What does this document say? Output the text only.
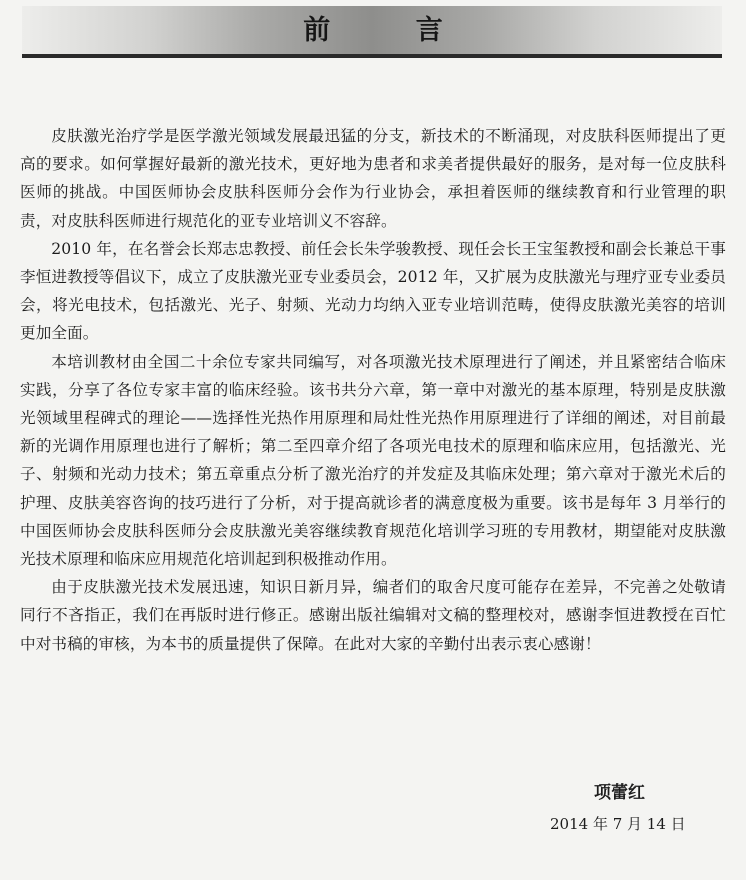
前 言

皮肤激光治疗学是医学激光领域发展最迅猛的分支，新技术的不断涌现，对皮肤科医师提出了更高的要求。如何掌握好最新的激光技术，更好地为患者和求美者提供最好的服务，是对每一位皮肤科医师的挑战。中国医师协会皮肤科医师分会作为行业协会，承担着医师的继续教育和行业管理的职责，对皮肤科医师进行规范化的亚专业培训义不容辞。

2010 年，在名誉会长郑志忠教授、前任会长朱学骏教授、现任会长王宝玺教授和副会长兼总干事李恒进教授等倡议下，成立了皮肤激光亚专业委员会，2012 年，又扩展为皮肤激光与理疗亚专业委员会，将光电技术，包括激光、光子、射频、光动力均纳入亚专业培训范畴，使得皮肤激光美容的培训更加全面。

本培训教材由全国二十余位专家共同编写，对各项激光技术原理进行了阐述，并且紧密结合临床实践，分享了各位专家丰富的临床经验。该书共分六章，第一章中对激光的基本原理，特别是皮肤激光领域里程碑式的理论——选择性光热作用原理和局灶性光热作用原理进行了详细的阐述，对目前最新的光调作用原理也进行了解析；第二至四章介绍了各项光电技术的原理和临床应用，包括激光、光子、射频和光动力技术；第五章重点分析了激光治疗的并发症及其临床处理；第六章对于激光术后的护理、皮肤美容咨询的技巧进行了分析，对于提高就诊者的满意度极为重要。该书是每年 3 月举行的中国医师协会皮肤科医师分会皮肤激光美容继续教育规范化培训学习班的专用教材，期望能对皮肤激光技术原理和临床应用规范化培训起到积极推动作用。

由于皮肤激光技术发展迅速，知识日新月异，编者们的取舍尺度可能存在差异，不完善之处敬请同行不吝指正，我们在再版时进行修正。感谢出版社编辑对文稿的整理校对，感谢李恒进教授在百忙中对书稿的审核，为本书的质量提供了保障。在此对大家的辛勤付出表示衷心感谢！

项蕾红
2014 年 7 月 14 日
